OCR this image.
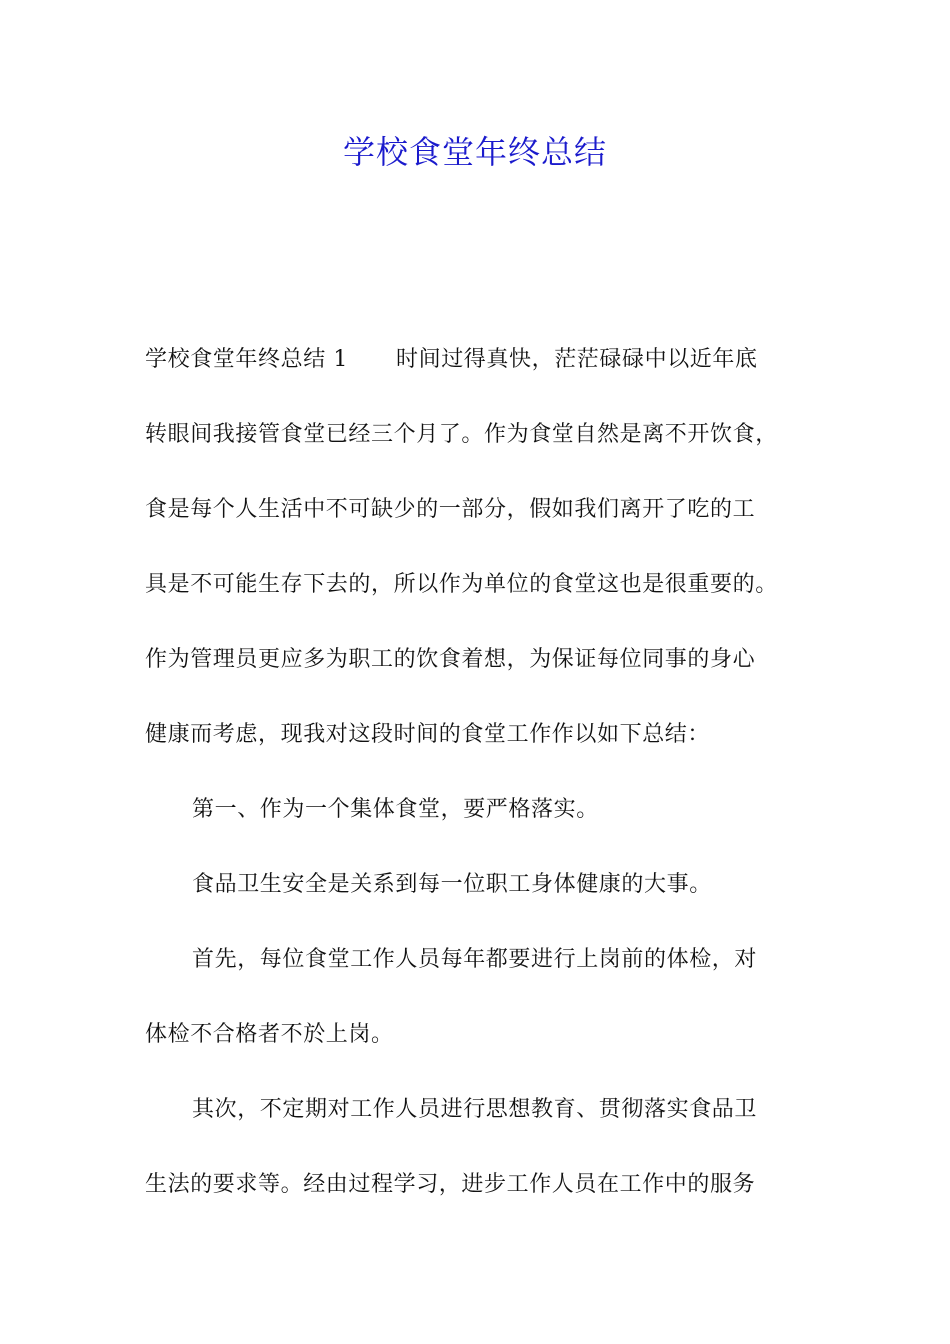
学校食堂年终总结
学校食堂年终总结 1 时间过得真快，茫茫碌碌中以近年底
转眼间我接管食堂已经三个月了。作为食堂自然是离不开饮食，
食是每个人生活中不可缺少的一部分，假如我们离开了吃的工
具是不可能生存下去的，所以作为单位的食堂这也是很重要的。
作为管理员更应多为职工的饮食着想，为保证每位同事的身心
健康而考虑，现我对这段时间的食堂工作作以如下总结：
第一、作为一个集体食堂，要严格落实。
食品卫生安全是关系到每一位职工身体健康的大事。
首先，每位食堂工作人员每年都要进行上岗前的体检，对
体检不合格者不於上岗。
其次，不定期对工作人员进行思想教育、贯彻落实食品卫
生法的要求等。经由过程学习，进步工作人员在工作中的服务
